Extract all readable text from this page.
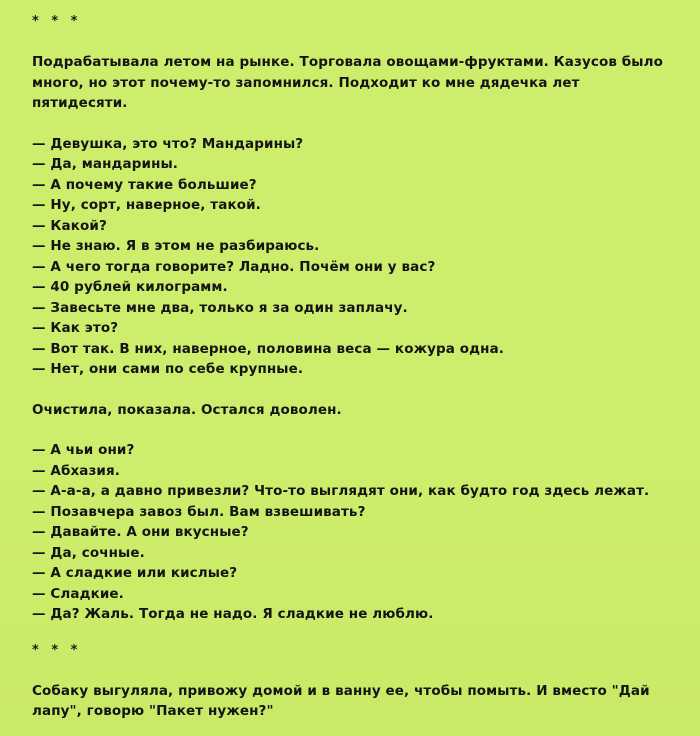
* * *

Подрабатывала летом на рынке. Торговала овощами-фруктами. Казусов было много, но этот почему-то запомнился. Подходит ко мне дядечка лет пятидесяти.

— Девушка, это что? Мандарины?
— Да, мандарины.
— А почему такие большие?
— Ну, сорт, наверное, такой.
— Какой?
— Не знаю. Я в этом не разбираюсь.
— А чего тогда говорите? Ладно. Почём они у вас?
— 40 рублей килограмм.
— Завесьте мне два, только я за один заплачу.
— Как это?
— Вот так. В них, наверное, половина веса — кожура одна.
— Нет, они сами по себе крупные.

Очистила, показала. Остался доволен.

— А чьи они?
— Абхазия.
— А-а-а, а давно привезли? Что-то выглядят они, как будто год здесь лежат.
— Позавчера завоз был. Вам взвешивать?
— Давайте. А они вкусные?
— Да, сочные.
— А сладкие или кислые?
— Сладкие.
— Да? Жаль. Тогда не надо. Я сладкие не люблю.
* * *

Собаку выгуляла, привожу домой и в ванну ее, чтобы помыть. И вместо "Дай лапу", говорю "Пакет нужен?"
